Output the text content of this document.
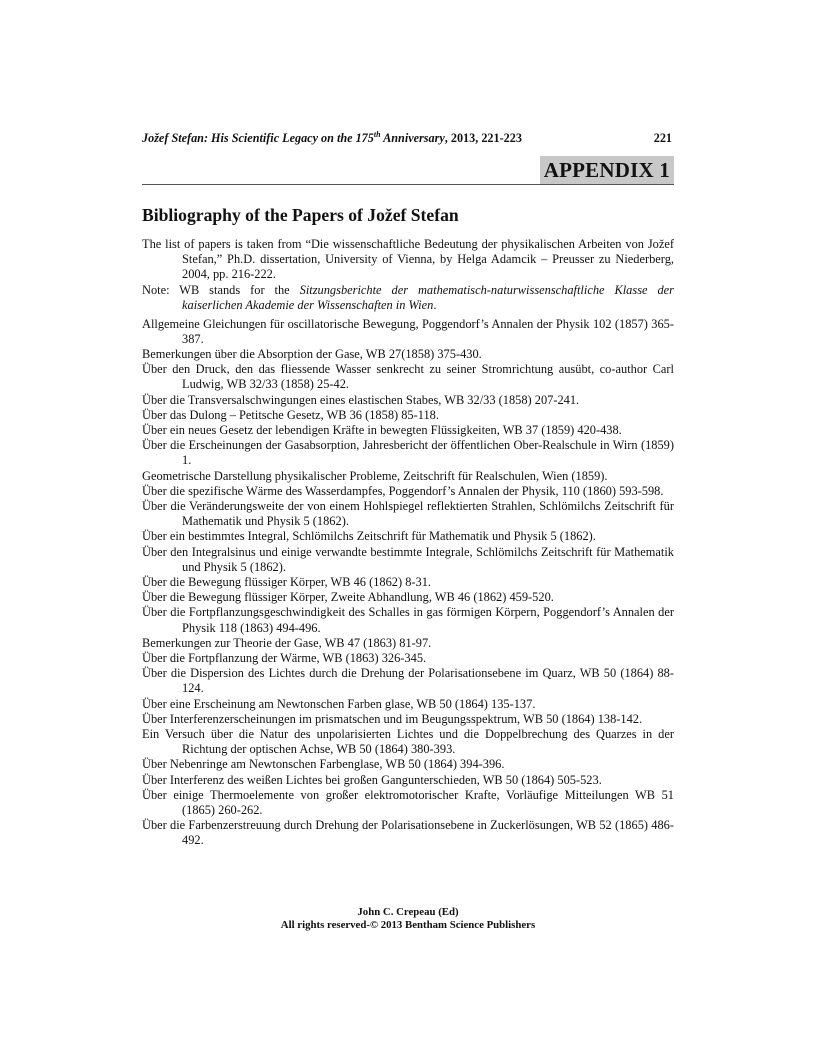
Jožef Stefan: His Scientific Legacy on the 175th Anniversary, 2013, 221-223	221
APPENDIX 1
Bibliography of the Papers of Jožef Stefan
The list of papers is taken from “Die wissenschaftliche Bedeutung der physikalischen Arbeiten von Jožef Stefan,” Ph.D. dissertation, University of Vienna, by Helga Adamcik – Preusser zu Niederberg, 2004, pp. 216-222.
Note: WB stands for the Sitzungsberichte der mathematisch-naturwissenschaftliche Klasse der kaiserlichen Akademie der Wissenschaften in Wien.
Allgemeine Gleichungen für oscillatorische Bewegung, Poggendorf’s Annalen der Physik 102 (1857) 365-387.
Bemerkungen über die Absorption der Gase, WB 27(1858) 375-430.
Über den Druck, den das fliessende Wasser senkrecht zu seiner Stromrichtung ausübt, co-author Carl Ludwig, WB 32/33 (1858) 25-42.
Über die Transversalschwingungen eines elastischen Stabes, WB 32/33 (1858) 207-241.
Über das Dulong – Petitsche Gesetz, WB 36 (1858) 85-118.
Über ein neues Gesetz der lebendigen Kräfte in bewegten Flüssigkeiten, WB 37 (1859) 420-438.
Über die Erscheinungen der Gasabsorption, Jahresbericht der öffentlichen Ober-Realschule in Wirn (1859) 1.
Geometrische Darstellung physikalischer Probleme, Zeitschrift für Realschulen, Wien (1859).
Über die spezifische Wärme des Wasserdampfes, Poggendorf’s Annalen der Physik, 110 (1860) 593-598.
Über die Veränderungsweite der von einem Hohlspiegel reflektierten Strahlen, Schlömilchs Zeitschrift für Mathematik und Physik 5 (1862).
Über ein bestimmtes Integral, Schlömilchs Zeitschrift für Mathematik und Physik 5 (1862).
Über den Integralsinus und einige verwandte bestimmte Integrale, Schlömilchs Zeitschrift für Mathematik und Physik 5 (1862).
Über die Bewegung flüssiger Körper, WB 46 (1862) 8-31.
Über die Bewegung flüssiger Körper, Zweite Abhandlung, WB 46 (1862) 459-520.
Über die Fortpflanzungsgeschwindigkeit des Schalles in gas förmigen Körpern, Poggendorf’s Annalen der Physik 118 (1863) 494-496.
Bemerkungen zur Theorie der Gase, WB 47 (1863) 81-97.
Über die Fortpflanzung der Wärme, WB (1863) 326-345.
Über die Dispersion des Lichtes durch die Drehung der Polarisationsebene im Quarz, WB 50 (1864) 88-124.
Über eine Erscheinung am Newtonschen Farben glase, WB 50 (1864) 135-137.
Über Interferenzerscheinungen im prismatschen und im Beugungsspektrum, WB 50 (1864) 138-142.
Ein Versuch über die Natur des unpolarisierten Lichtes und die Doppelbrechung des Quarzes in der Richtung der optischen Achse, WB 50 (1864) 380-393.
Über Nebenringe am Newtonschen Farbenglase, WB 50 (1864) 394-396.
Über Interferenz des weißen Lichtes bei großen Gangunterschieden, WB 50 (1864) 505-523.
Über einige Thermoelemente von großer elektromotorischer Krafte, Vorläufige Mitteilungen WB 51 (1865) 260-262.
Über die Farbenzerstreuung durch Drehung der Polarisationsebene in Zuckerlösungen, WB 52 (1865) 486-492.
John C. Crepeau (Ed)
All rights reserved-© 2013 Bentham Science Publishers
